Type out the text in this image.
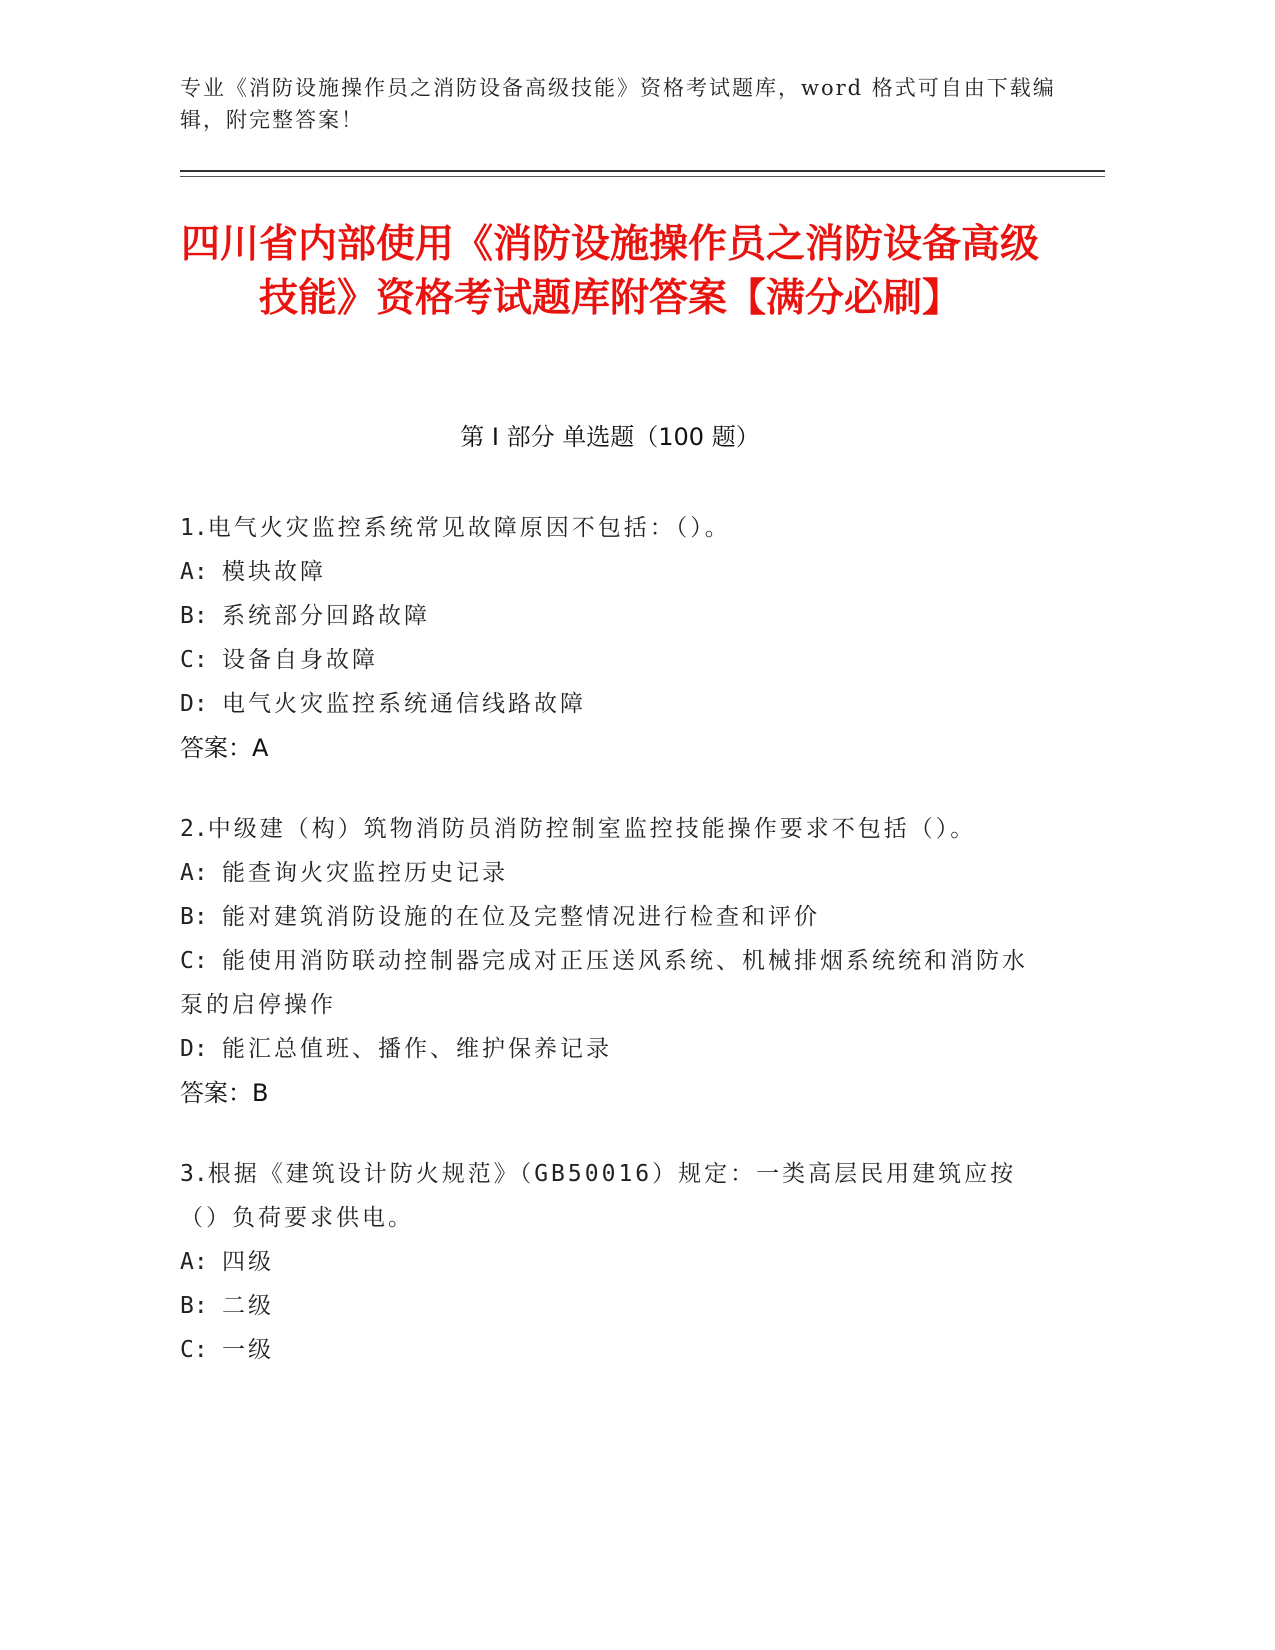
专业《消防设施操作员之消防设备高级技能》资格考试题库，word 格式可自由下载编辑，附完整答案！
四川省内部使用《消防设施操作员之消防设备高级技能》资格考试题库附答案【满分必刷】
第 I 部分 单选题（100 题）
1.电气火灾监控系统常见故障原因不包括：（）。
A: 模块故障
B: 系统部分回路故障
C: 设备自身故障
D: 电气火灾监控系统通信线路故障
答案：A
2.中级建（构）筑物消防员消防控制室监控技能操作要求不包括（）。
A: 能查询火灾监控历史记录
B: 能对建筑消防设施的在位及完整情况进行检查和评价
C: 能使用消防联动控制器完成对正压送风系统、机械排烟系统统和消防水泵的启停操作
D: 能汇总值班、播作、维护保养记录
答案：B
3.根据《建筑设计防火规范》（GB50016）规定：一类高层民用建筑应按（）负荷要求供电。
A: 四级
B: 二级
C: 一级
